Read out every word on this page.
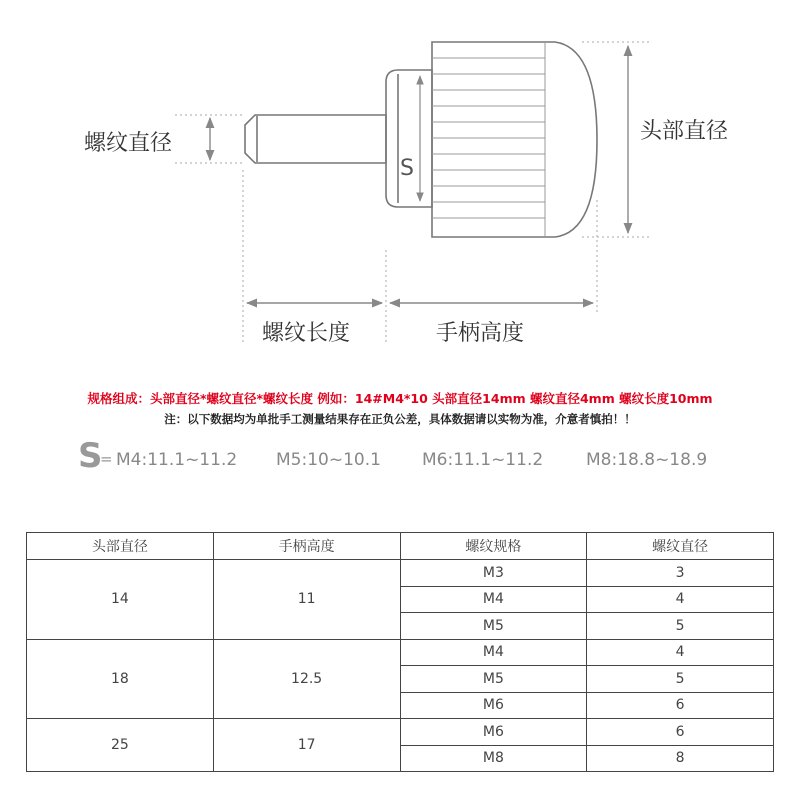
S
螺纹直径	头部直径
螺纹长度	手柄高度
规格组成：头部直径*螺纹直径*螺纹长度 例如：14#M4*10 头部直径14mm 螺纹直径4mm 螺纹长度10mm
注：以下数据均为单批手工测量结果存在正负公差，具体数据请以实物为准，介意者慎拍！！
S
= M4:11.1~11.2 M5:10~10.1 M6:11.1~11.2	M8:18.8~18.9
头部直径	手柄高度	螺纹规格	螺纹直径
14	11	M3	3
		M4	4
		M5	5
18	12.5	M4	4
		M5	5
		M6	6
25	17	M6	6
		M8	8
